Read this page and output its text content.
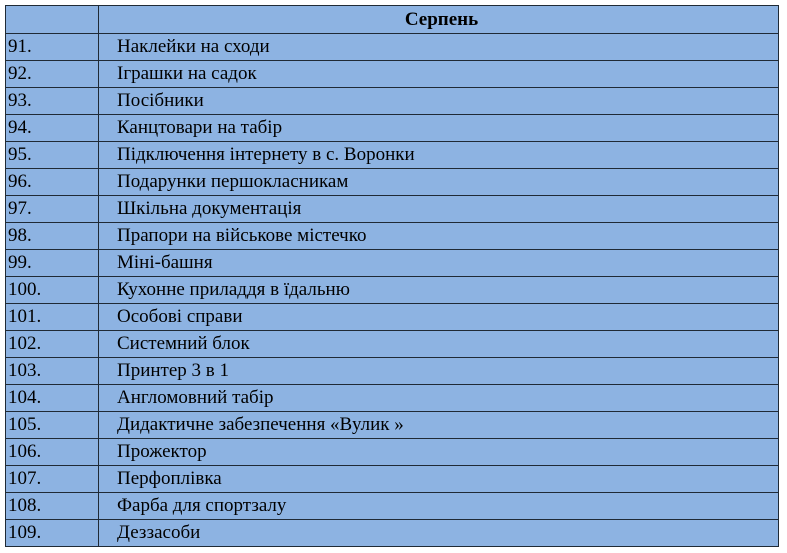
	Серпень
91.	Наклейки на сходи
92.	Іграшки на садок
93.	Посібники
94.	Канцтовари на табір
95.	Підключення інтернету в с. Воронки
96.	Подарунки першокласникам
97.	Шкільна документація
98.	Прапори на військове містечко
99.	Міні-башня
100.	Кухонне приладдя в їдальню
101.	Особові справи
102.	Системний блок
103.	Принтер 3 в 1
104.	Англомовний табір
105.	Дидактичне забезпечення «Вулик »
106.	Прожектор
107.	Перфоплівка
108.	Фарба для спортзалу
109.	Деззасоби
